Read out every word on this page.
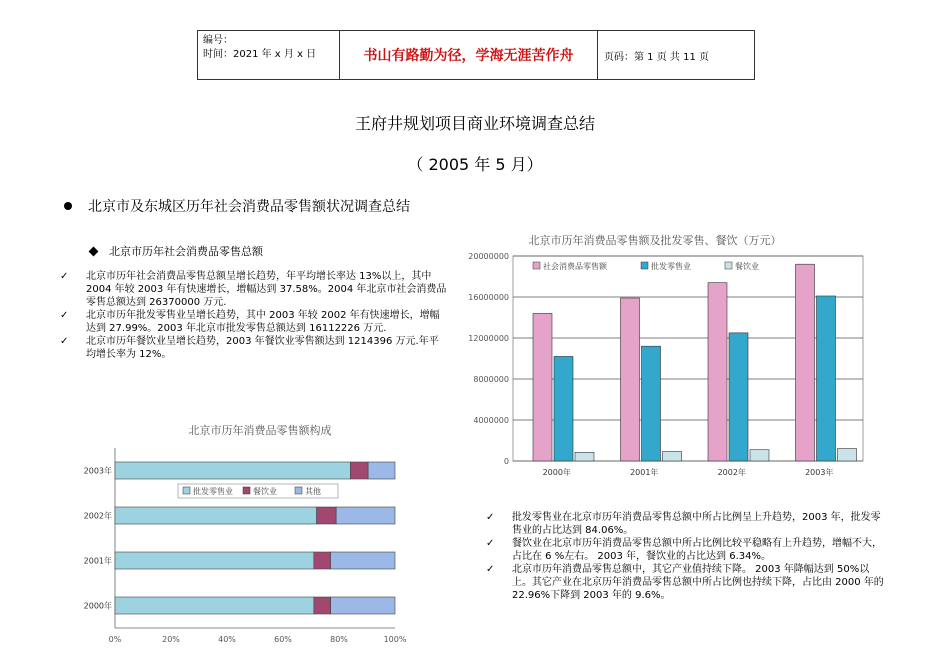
编号：
时间：2021 年 x 月 x 日	书山有路勤为径，学海无涯苦作舟	页码：第 1 页 共 11 页
王府井规划项目商业环境调查总结
（ 2005 年 5 月）
北京市及东城区历年社会消费品零售额状况调查总结
北京市历年社会消费品零售总额
✓ 北京市历年社会消费品零售总额呈增长趋势，年平均增长率达 13%以上，其中 2004 年较 2003 年有快速增长，增幅达到 37.58%。2004 年北京市社会消费品零售总额达到 26370000 万元.
✓ 北京市历年批发零售业呈增长趋势，其中 2003 年较 2002 年有快速增长，增幅达到 27.99%。2003 年北京市批发零售总额达到 16112226 万元.
✓ 北京市历年餐饮业呈增长趋势，2003 年餐饮业零售额达到 1214396 万元.年平均增长率为 12%。
✓ 批发零售业在北京市历年消费品零售总额中所占比例呈上升趋势，2003 年，批发零售业的占比达到 84.06%。
✓ 餐饮业在北京市历年消费品零售总额中所占比例比较平稳略有上升趋势，增幅不大，占比在 6 %左右。 2003 年，餐饮业的占比达到 6.34%。
✓ 北京市历年消费品零售总额中，其它产业值持续下降。 2003 年降幅达到 50%以上。其它产业在北京历年消费品零售总额中所占比例也持续下降，占比由 2000 年的 22.96%下降到 2003 年的 9.6%。
北京市历年消费品零售额及批发零售、餐饮（万元）
0
4000000
8000000
12000000
16000000
20000000
2000年	2001年	2002年	2003年
社会消费品零售额	批发零售业	餐饮业
北京市历年消费品零售额构成
2003年
2002年
2001年
2000年
0%	20%	40%	60%	80%	100%
批发零售业	餐饮业	其他
